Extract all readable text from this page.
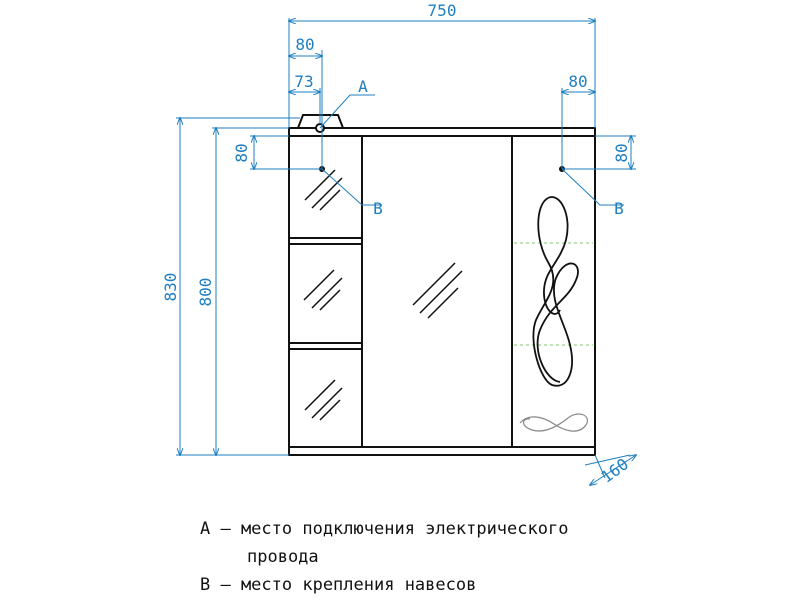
750
80
73	80
80	80
830 800
160
A
B	B
A – место подключения электрического
провода
B – место крепления навесов
